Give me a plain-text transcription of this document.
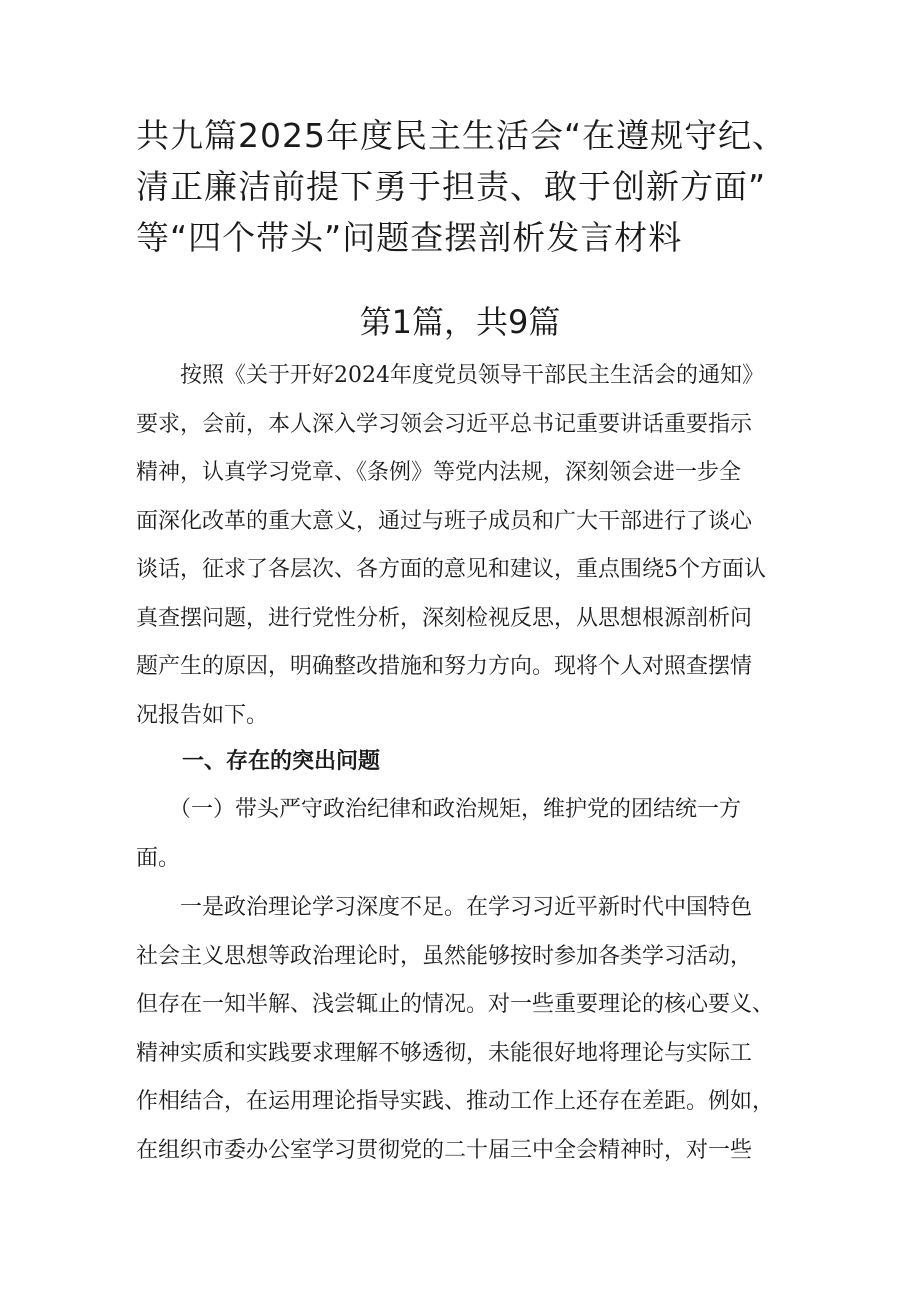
共九篇2025年度民主生活会“在遵规守纪、
清正廉洁前提下勇于担责、敢于创新方面”
等“四个带头”问题查摆剖析发言材料
第1篇，共9篇
　　按照《关于开好2024年度党员领导干部民主生活会的通知》
要求，会前，本人深入学习领会习近平总书记重要讲话重要指示
精神，认真学习党章、《条例》等党内法规，深刻领会进一步全
面深化改革的重大意义，通过与班子成员和广大干部进行了谈心
谈话，征求了各层次、各方面的意见和建议，重点围绕5个方面认
真查摆问题，进行党性分析，深刻检视反思，从思想根源剖析问
题产生的原因，明确整改措施和努力方向。现将个人对照查摆情
况报告如下。
一、存在的突出问题
　　（一）带头严守政治纪律和政治规矩，维护党的团结统一方
面。
　　一是政治理论学习深度不足。在学习习近平新时代中国特色
社会主义思想等政治理论时，虽然能够按时参加各类学习活动，
但存在一知半解、浅尝辄止的情况。对一些重要理论的核心要义、
精神实质和实践要求理解不够透彻，未能很好地将理论与实际工
作相结合，在运用理论指导实践、推动工作上还存在差距。例如，
在组织市委办公室学习贯彻党的二十届三中全会精神时，对一些
